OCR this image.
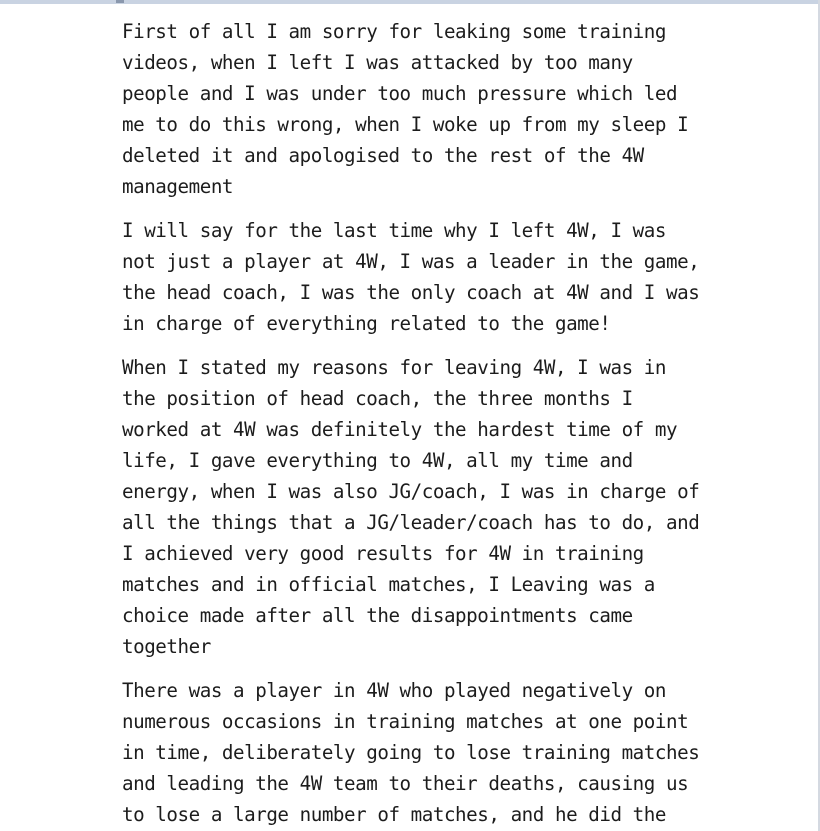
First of all I am sorry for leaking some training
videos, when I left I was attacked by too many
people and I was under too much pressure which led
me to do this wrong, when I woke up from my sleep I
deleted it and apologised to the rest of the 4W
management

I will say for the last time why I left 4W, I was
not just a player at 4W, I was a leader in the game,
the head coach, I was the only coach at 4W and I was
in charge of everything related to the game!

When I stated my reasons for leaving 4W, I was in
the position of head coach, the three months I
worked at 4W was definitely the hardest time of my
life, I gave everything to 4W, all my time and
energy, when I was also JG/coach, I was in charge of
all the things that a JG/leader/coach has to do, and
I achieved very good results for 4W in training
matches and in official matches, I Leaving was a
choice made after all the disappointments came
together

There was a player in 4W who played negatively on
numerous occasions in training matches at one point
in time, deliberately going to lose training matches
and leading the 4W team to their deaths, causing us
to lose a large number of matches, and he did the
